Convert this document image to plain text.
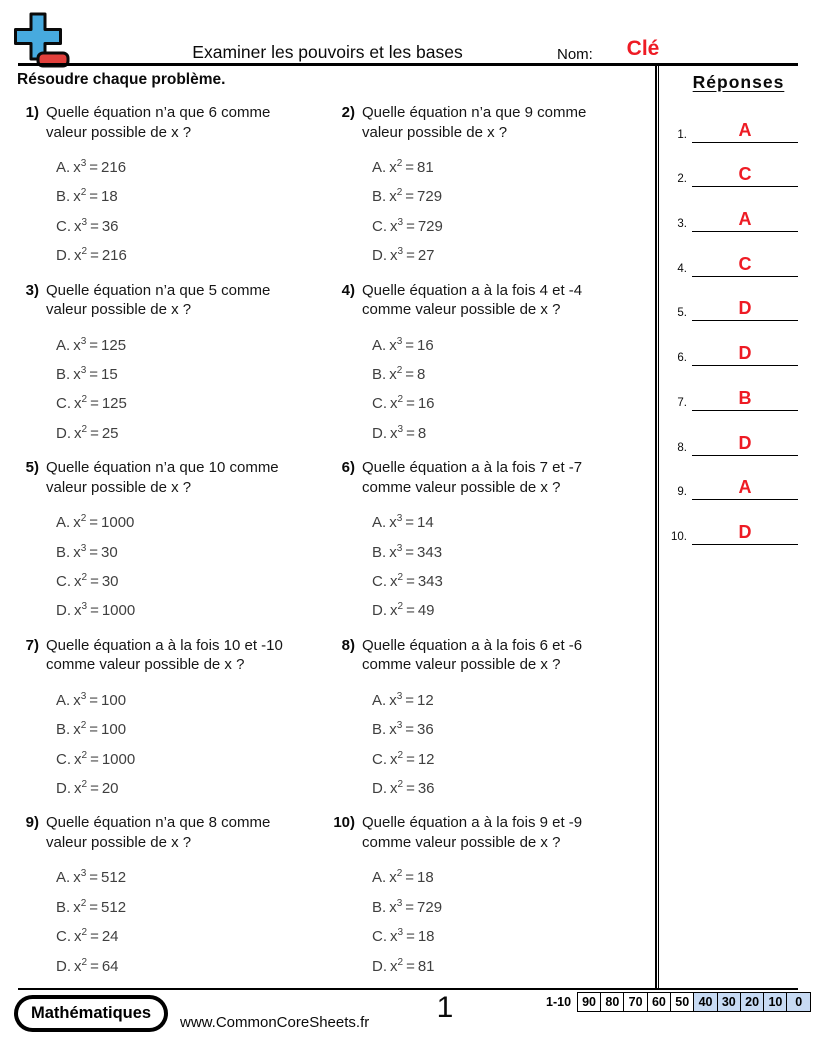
Examiner les pouvoirs et les bases	Nom:	Clé
Résoudre chaque problème.
1) Quelle équation n’a que 6 comme
valeur possible de x ?
A. $x^3 = 216$
B. $x^2 = 18$
C. $x^3 = 36$
D. $x^2 = 216$
2) Quelle équation n’a que 9 comme
valeur possible de x ?
A. $x^2 = 81$
B. $x^2 = 729$
C. $x^3 = 729$
D. $x^3 = 27$
3) Quelle équation n’a que 5 comme
valeur possible de x ?
A. $x^3 = 125$
B. $x^3 = 15$
C. $x^2 = 125$
D. $x^2 = 25$
4) Quelle équation a à la fois 4 et -4
comme valeur possible de x ?
A. $x^3 = 16$
B. $x^2 = 8$
C. $x^2 = 16$
D. $x^3 = 8$
5) Quelle équation n’a que 10 comme
valeur possible de x ?
A. $x^2 = 1000$
B. $x^3 = 30$
C. $x^2 = 30$
D. $x^3 = 1000$
6) Quelle équation a à la fois 7 et -7
comme valeur possible de x ?
A. $x^3 = 14$
B. $x^3 = 343$
C. $x^2 = 343$
D. $x^2 = 49$
7) Quelle équation a à la fois 10 et -10
comme valeur possible de x ?
A. $x^3 = 100$
B. $x^2 = 100$
C. $x^2 = 1000$
D. $x^2 = 20$
8) Quelle équation a à la fois 6 et -6
comme valeur possible de x ?
A. $x^3 = 12$
B. $x^3 = 36$
C. $x^2 = 12$
D. $x^2 = 36$
9) Quelle équation n’a que 8 comme
valeur possible de x ?
A. $x^3 = 512$
B. $x^2 = 512$
C. $x^2 = 24$
D. $x^2 = 64$
10) Quelle équation a à la fois 9 et -9
comme valeur possible de x ?
A. $x^2 = 18$
B. $x^3 = 729$
C. $x^3 = 18$
D. $x^2 = 81$
Réponses
1.	A
2.	C
3.	A
4.	C
5.	D
6.	D
7.	B
8.	D
9.	A
10.	D
Mathématiques
www.CommonCoreSheets.fr	1	1-10 90 80 70 60 50 40 30 20 10	0
